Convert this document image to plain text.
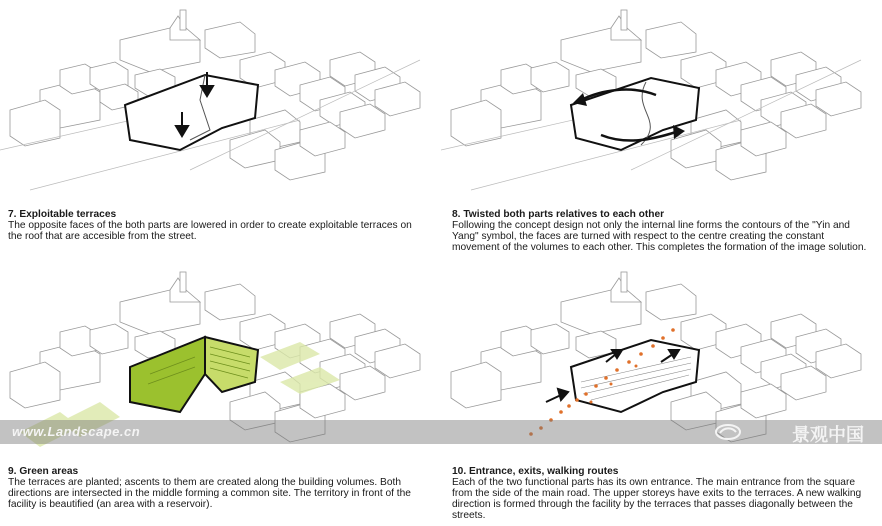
7. Exploitable terraces
The opposite faces of the both parts are lowered in order to create exploitable terraces on the roof that are accesible from the street.
8. Twisted both parts relatives to each other
Following the concept design not only the internal line forms the contours of the "Yin and Yang" symbol, the faces are turned with respect to the centre creating the constant movement of the volumes to each other. This completes the formation of the image solution.
www.Landscape.cn	景观中国
9. Green areas
The terraces are planted; ascents to them are created along the building volumes. Both directions are intersected in the middle forming a common site. The territory in front of the facility is beautified (an area with a reservoir).
10. Entrance, exits, walking routes
Each of the two functional parts has its own entrance. The main entrance from the square from the side of the main road. The upper storeys have exits to the terraces. A new walking direction is formed through the facility by the terraces that passes diagonally between the streets.
